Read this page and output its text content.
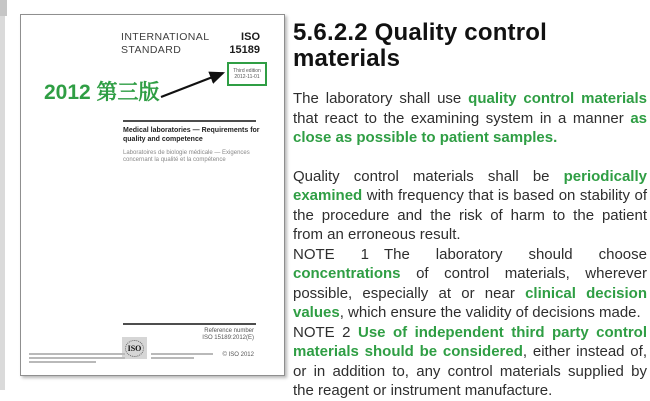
INTERNATIONAL
STANDARD
ISO
15189
Third edition
2012-11-01
2012 第三版
Medical laboratories — Requirements for quality and competence
Laboratoires de biologie médicale — Exigences concernant la qualité et la compétence
Reference number
ISO 15189:2012(E)
ISO
© ISO 2012
5.6.2.2 Quality control materials

The laboratory shall use quality control materials that react to the examining system in a manner as close as possible to patient samples.

Quality control materials shall be periodically examined with frequency that is based on stability of the procedure and the risk of harm to the patient from an erroneous result.

NOTE 1 The laboratory should choose concentrations of control materials, wherever possible, especially at or near clinical decision values, which ensure the validity of decisions made.

NOTE 2 Use of independent third party control materials should be considered, either instead of, or in addition to, any control materials supplied by the reagent or instrument manufacture.
